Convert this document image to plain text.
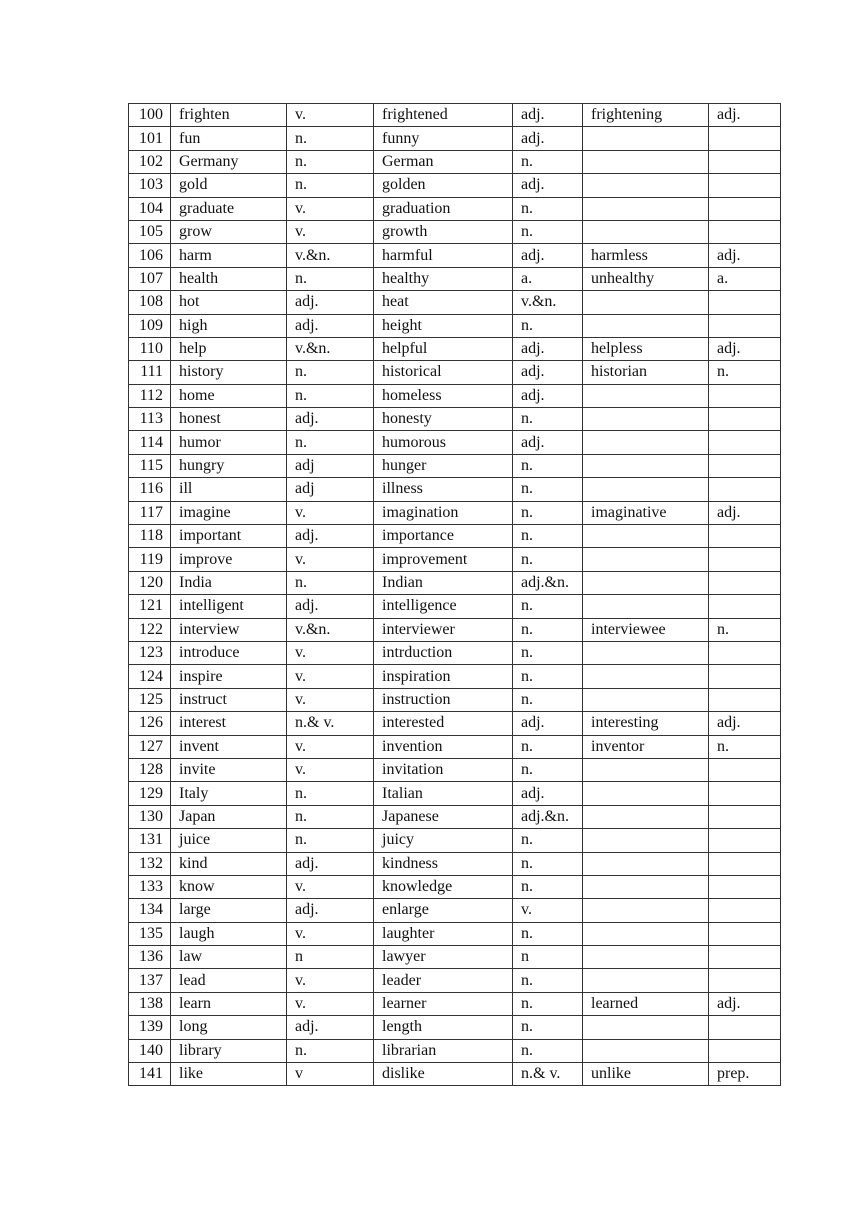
100	frighten	v.	frightened	adj.	frightening	adj.
101	fun	n.	funny	adj.		
102	Germany	n.	German	n.		
103	gold	n.	golden	adj.		
104	graduate	v.	graduation	n.		
105	grow	v.	growth	n.		
106	harm	v.&n.	harmful	adj.	harmless	adj.
107	health	n.	healthy	a.	unhealthy	a.
108	hot	adj.	heat	v.&n.		
109	high	adj.	height	n.		
110	help	v.&n.	helpful	adj.	helpless	adj.
111	history	n.	historical	adj.	historian	n.
112	home	n.	homeless	adj.		
113	honest	adj.	honesty	n.		
114	humor	n.	humorous	adj.		
115	hungry	adj	hunger	n.		
116	ill	adj	illness	n.		
117	imagine	v.	imagination	n.	imaginative	adj.
118	important	adj.	importance	n.		
119	improve	v.	improvement	n.		
120	India	n.	Indian	adj.&n.		
121	intelligent	adj.	intelligence	n.		
122	interview	v.&n.	interviewer	n.	interviewee	n.
123	introduce	v.	intrduction	n.		
124	inspire	v.	inspiration	n.		
125	instruct	v.	instruction	n.		
126	interest	n.& v.	interested	adj.	interesting	adj.
127	invent	v.	invention	n.	inventor	n.
128	invite	v.	invitation	n.		
129	Italy	n.	Italian	adj.		
130	Japan	n.	Japanese	adj.&n.		
131	juice	n.	juicy	n.		
132	kind	adj.	kindness	n.		
133	know	v.	knowledge	n.		
134	large	adj.	enlarge	v.		
135	laugh	v.	laughter	n.		
136	law	n	lawyer	n		
137	lead	v.	leader	n.		
138	learn	v.	learner	n.	learned	adj.
139	long	adj.	length	n.		
140	library	n.	librarian	n.		
141	like	v	dislike	n.& v.	unlike	prep.
